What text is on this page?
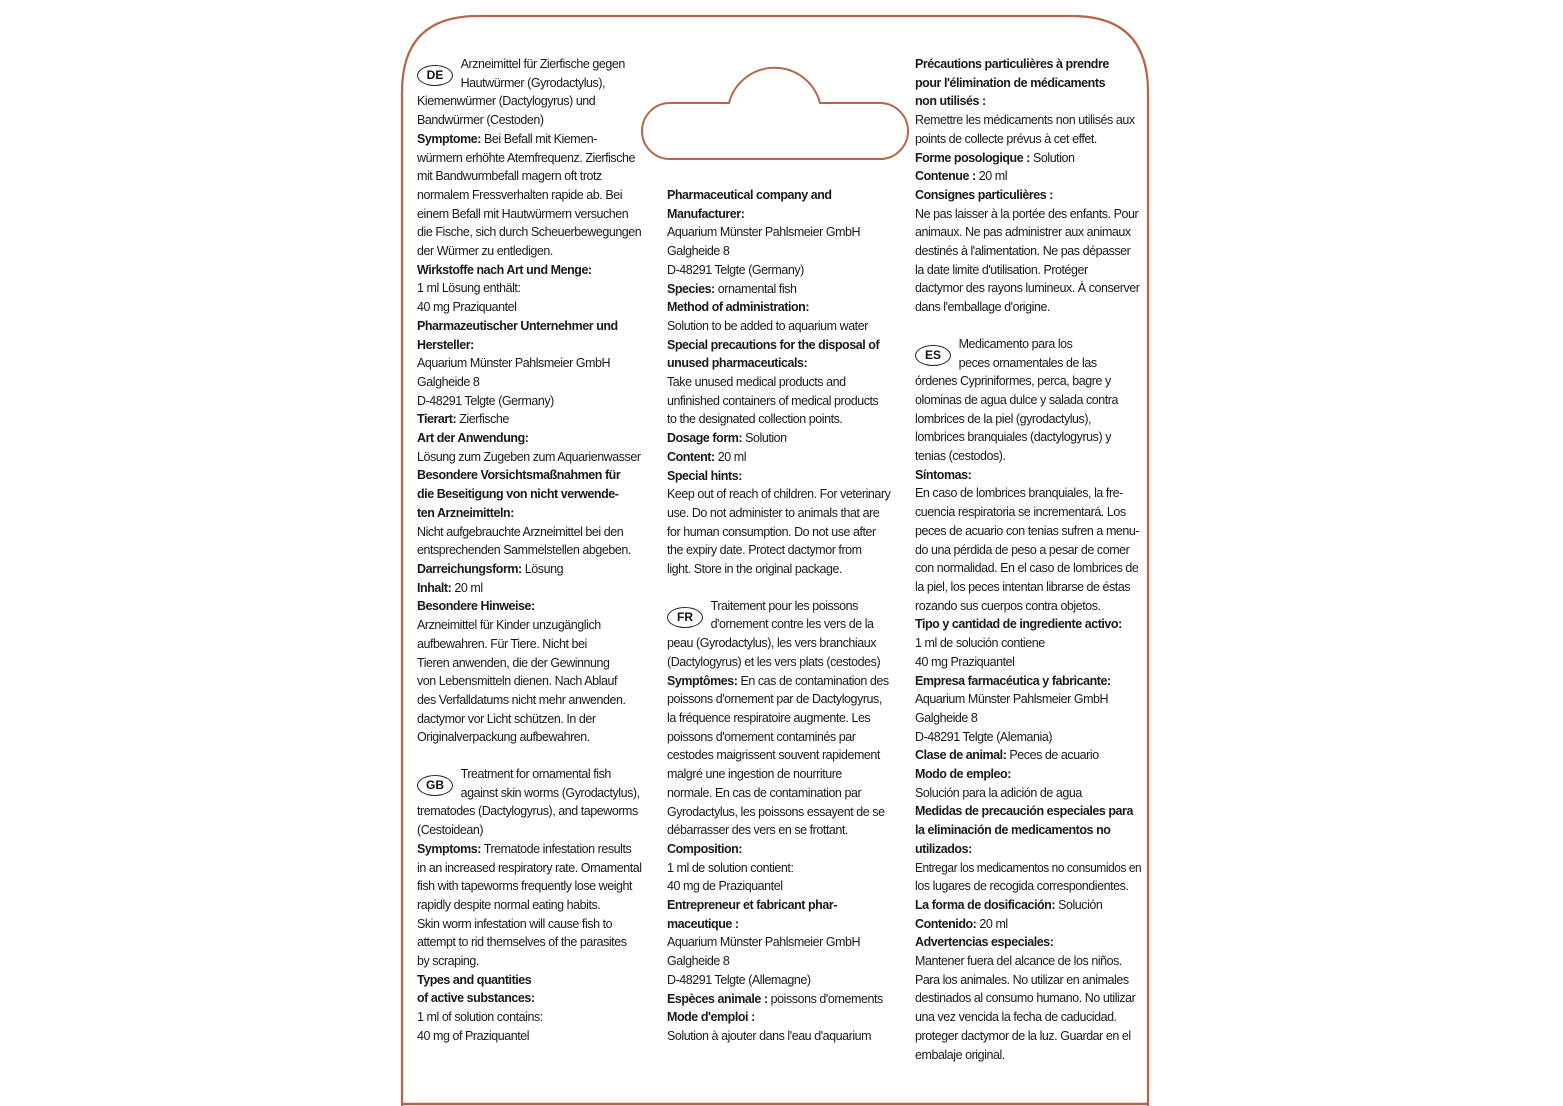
DE
Arzneimittel für Zierfische gegen
Hautwürmer (Gyrodactylus),
Kiemenwürmer (Dactylogyrus) und
Bandwürmer (Cestoden)
Symptome: Bei Befall mit Kiemen-
würmern erhöhte Atemfrequenz. Zierfische
mit Bandwurmbefall magern oft trotz
normalem Fressverhalten rapide ab. Bei
einem Befall mit Hautwürmern versuchen
die Fische, sich durch Scheuerbewegungen
der Würmer zu entledigen.
Wirkstoffe nach Art und Menge:
1 ml Lösung enthält:
40 mg Praziquantel
Pharmazeutischer Unternehmer und
Hersteller:
Aquarium Münster Pahlsmeier GmbH
Galgheide 8
D-48291 Telgte (Germany)
Tierart: Zierfische
Art der Anwendung:
Lösung zum Zugeben zum Aquarienwasser
Besondere Vorsichtsmaßnahmen für
die Beseitigung von nicht verwende-
ten Arzneimitteln:
Nicht aufgebrauchte Arzneimittel bei den
entsprechenden Sammelstellen abgeben.
Darreichungsform: Lösung
Inhalt: 20 ml
Besondere Hinweise:
Arzneimittel für Kinder unzugänglich
aufbewahren. Für Tiere. Nicht bei
Tieren anwenden, die der Gewinnung
von Lebensmitteln dienen. Nach Ablauf
des Verfalldatums nicht mehr anwenden.
dactymor vor Licht schützen. In der
Originalverpackung aufbewahren.
GB
Treatment for ornamental fish
against skin worms (Gyrodactylus),
trematodes (Dactylogyrus), and tapeworms
(Cestoidean)
Symptoms: Trematode infestation results
in an increased respiratory rate. Ornamental
fish with tapeworms frequently lose weight
rapidly despite normal eating habits.
Skin worm infestation will cause fish to
attempt to rid themselves of the parasites
by scraping.
Types and quantities
of active substances:
1 ml of solution contains:
40 mg of Praziquantel
Pharmaceutical company and
Manufacturer:
Aquarium Münster Pahlsmeier GmbH
Galgheide 8
D-48291 Telgte (Germany)
Species: ornamental fish
Method of administration:
Solution to be added to aquarium water
Special precautions for the disposal of
unused pharmaceuticals:
Take unused medical products and
unfinished containers of medical products
to the designated collection points.
Dosage form: Solution
Content: 20 ml
Special hints:
Keep out of reach of children. For veterinary
use. Do not administer to animals that are
for human consumption. Do not use after
the expiry date. Protect dactymor from
light. Store in the original package.
FR
Traitement pour les poissons
d'ornement contre les vers de la
peau (Gyrodactylus), les vers branchiaux
(Dactylogyrus) et les vers plats (cestodes)
Symptômes: En cas de contamination des
poissons d'ornement par de Dactylogyrus,
la fréquence respiratoire augmente. Les
poissons d'ornement contaminés par
cestodes maigrissent souvent rapidement
malgré une ingestion de nourriture
normale. En cas de contamination par
Gyrodactylus, les poissons essayent de se
débarrasser des vers en se frottant.
Composition:
1 ml de solution contient:
40 mg de Praziquantel
Entrepreneur et fabricant phar-
maceutique :
Aquarium Münster Pahlsmeier GmbH
Galgheide 8
D-48291 Telgte (Allemagne)
Espèces animale : poissons d'ornements
Mode d'emploi :
Solution à ajouter dans l'eau d'aquarium
Précautions particulières à prendre
pour l'élimination de médicaments
non utilisés :
Remettre les médicaments non utilisés aux
points de collecte prévus à cet effet.
Forme posologique : Solution
Contenue : 20 ml
Consignes particulières :
Ne pas laisser à la portée des enfants. Pour
animaux. Ne pas administrer aux animaux
destinés à l'alimentation. Ne pas dépasser
la date limite d'utilisation. Protéger
dactymor des rayons lumineux. À conserver
dans l'emballage d'origine.
ES
Medicamento para los
peces ornamentales de las
órdenes Cypriniformes, perca, bagre y
olominas de agua dulce y salada contra
lombrices de la piel (gyrodactylus),
lombrices branquiales (dactylogyrus) y
tenias (cestodos).
Síntomas:
En caso de lombrices branquiales, la fre-
cuencia respiratoria se incrementará. Los
peces de acuario con tenias sufren a menu-
do una pérdida de peso a pesar de comer
con normalidad. En el caso de lombrices de
la piel, los peces intentan librarse de éstas
rozando sus cuerpos contra objetos.
Tipo y cantidad de ingrediente activo:
1 ml de solución contiene
40 mg Praziquantel
Empresa farmacéutica y fabricante:
Aquarium Münster Pahlsmeier GmbH
Galgheide 8
D-48291 Telgte (Alemania)
Clase de animal: Peces de acuario
Modo de empleo:
Solución para la adición de agua
Medidas de precaución especiales para
la eliminación de medicamentos no
utilizados:
Entregar los medicamentos no consumidos en
los lugares de recogida correspondientes.
La forma de dosificación: Solución
Contenido: 20 ml
Advertencias especiales:
Mantener fuera del alcance de los niños.
Para los animales. No utilizar en animales
destinados al consumo humano. No utilizar
una vez vencida la fecha de caducidad.
proteger dactymor de la luz. Guardar en el
embalaje original.
